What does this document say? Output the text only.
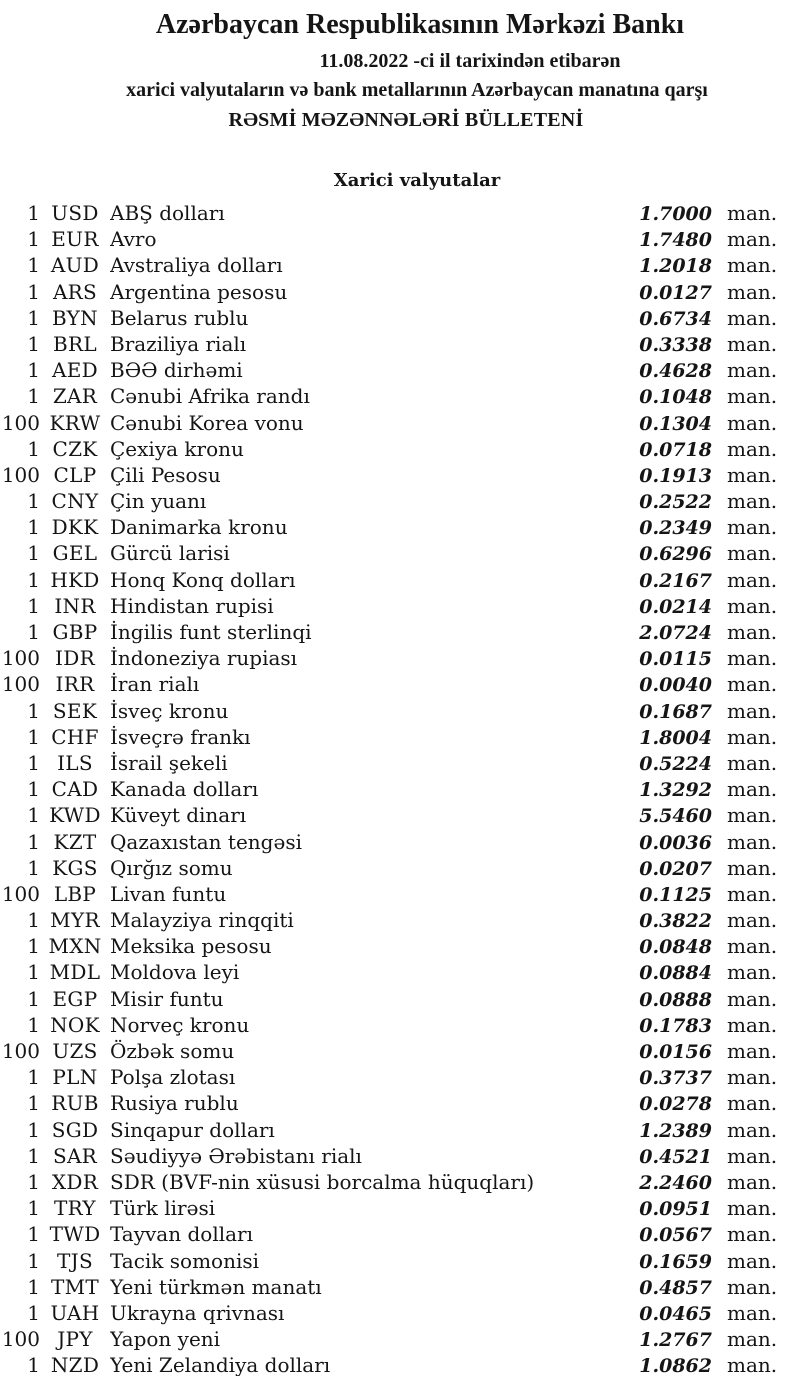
Azərbaycan Respublikasının Mərkəzi Bankı
11.08.2022 -ci il tarixindən etibarən
xarici valyutaların və bank metallarının Azərbaycan manatına qarşı
RƏSMİ MƏZƏNNƏLƏRİ BÜLLETENİ
Xarici valyutalar
1 USD ABŞ dolları	1.7000 man.
1 EUR Avro	1.7480 man.
1 AUD Avstraliya dolları	1.2018 man.
1 ARS Argentina pesosu	0.0127 man.
1 BYN Belarus rublu	0.6734 man.
1 BRL Braziliya rialı	0.3338 man.
1 AED BƏƏ dirhəmi	0.4628 man.
1 ZAR Cənubi Afrika randı	0.1048 man.
100 KRW Cənubi Korea vonu	0.1304 man.
1 CZK Çexiya kronu	0.0718 man.
100 CLP Çili Pesosu	0.1913 man.
1 CNY Çin yuanı	0.2522 man.
1 DKK Danimarka kronu	0.2349 man.
1 GEL Gürcü larisi	0.6296 man.
1 HKD Honq Konq dolları	0.2167 man.
1 INR Hindistan rupisi	0.0214 man.
1 GBP İngilis funt sterlinqi	2.0724 man.
100 IDR İndoneziya rupiası	0.0115 man.
100 IRR İran rialı	0.0040 man.
1 SEK İsveç kronu	0.1687 man.
1 CHF İsveçrə frankı	1.8004 man.
1 ILS İsrail şekeli	0.5224 man.
1 CAD Kanada dolları	1.3292 man.
1 KWD Küveyt dinarı	5.5460 man.
1 KZT Qazaxıstan tengəsi	0.0036 man.
1 KGS Qırğız somu	0.0207 man.
100 LBP Livan funtu	0.1125 man.
1 MYR Malayziya rinqqiti	0.3822 man.
1 MXN Meksika pesosu	0.0848 man.
1 MDL Moldova leyi	0.0884 man.
1 EGP Misir funtu	0.0888 man.
1 NOK Norveç kronu	0.1783 man.
100 UZS Özbək somu	0.0156 man.
1 PLN Polşa zlotası	0.3737 man.
1 RUB Rusiya rublu	0.0278 man.
1 SGD Sinqapur dolları	1.2389 man.
1 SAR Səudiyyə Ərəbistanı rialı	0.4521 man.
1 XDR SDR (BVF-nin xüsusi borcalma hüquqları)	2.2460 man.
1 TRY Türk lirəsi	0.0951 man.
1 TWD Tayvan dolları	0.0567 man.
1 TJS Tacik somonisi	0.1659 man.
1 TMT Yeni türkmən manatı	0.4857 man.
1 UAH Ukrayna qrivnası	0.0465 man.
100 JPY Yapon yeni	1.2767 man.
1 NZD Yeni Zelandiya dolları	1.0862 man.
